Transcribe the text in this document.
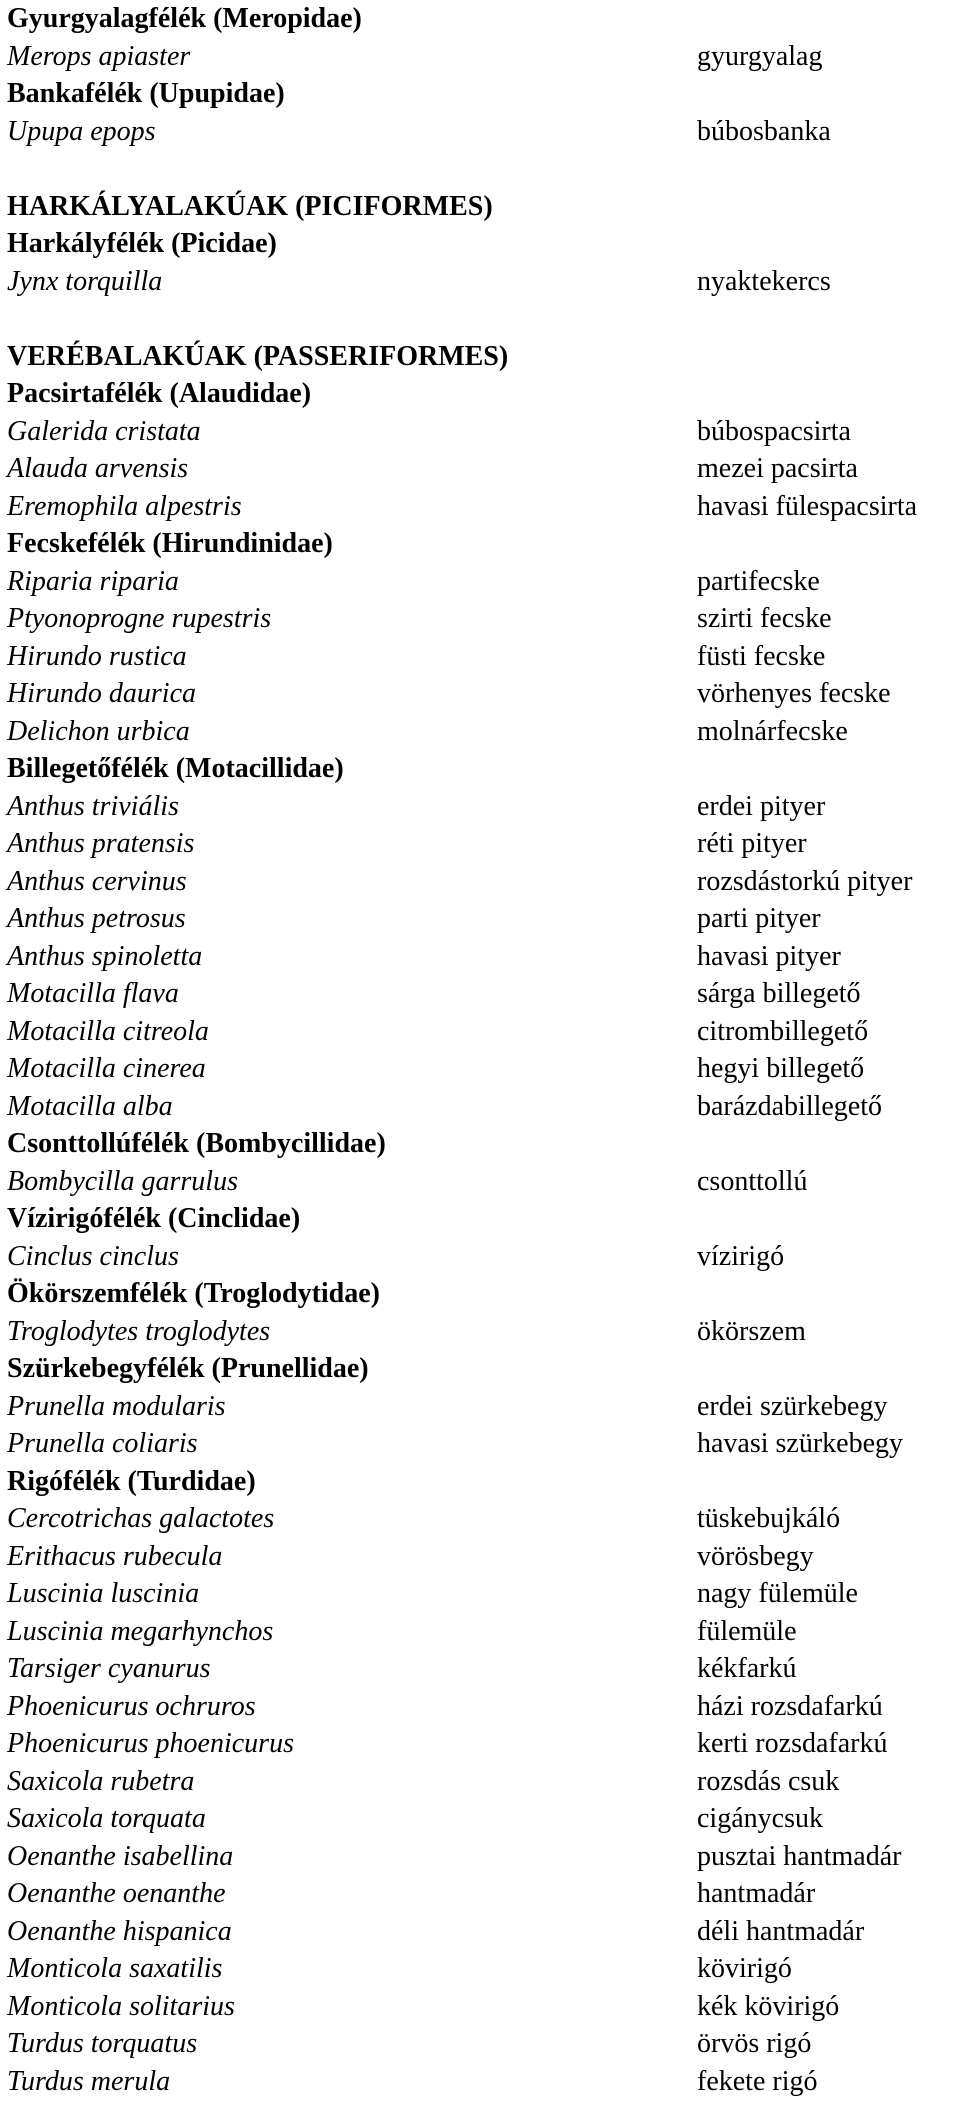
Gyurgyalagfélék (Meropidae)
Merops apiaster	gyurgyalag
Bankafélék (Upupidae)
Upupa epops	búbosbanka
HARKÁLYALAKÚAK (PICIFORMES)
Harkályfélék (Picidae)
Jynx torquilla	nyaktekercs
VERÉBALAKÚAK (PASSERIFORMES)
Pacsirtafélék (Alaudidae)
Galerida cristata	búbospacsirta
Alauda arvensis	mezei pacsirta
Eremophila alpestris	havasi fülespacsirta
Fecskefélék (Hirundinidae)
Riparia riparia	partifecske
Ptyonoprogne rupestris	szirti fecske
Hirundo rustica	füsti fecske
Hirundo daurica	vörhenyes fecske
Delichon urbica	molnárfecske
Billegetőfélék (Motacillidae)
Anthus triviális	erdei pityer
Anthus pratensis	réti pityer
Anthus cervinus	rozsdástorkú pityer
Anthus petrosus	parti pityer
Anthus spinoletta	havasi pityer
Motacilla flava	sárga billegető
Motacilla citreola	citrombillegető
Motacilla cinerea	hegyi billegető
Motacilla alba	barázdabillegető
Csonttollúfélék (Bombycillidae)
Bombycilla garrulus	csonttollú
Vízirigófélék (Cinclidae)
Cinclus cinclus	vízirigó
Ökörszemfélék (Troglodytidae)
Troglodytes troglodytes	ökörszem
Szürkebegyfélék (Prunellidae)
Prunella modularis	erdei szürkebegy
Prunella coliaris	havasi szürkebegy
Rigófélék (Turdidae)
Cercotrichas galactotes	tüskebujkáló
Erithacus rubecula	vörösbegy
Luscinia luscinia	nagy fülemüle
Luscinia megarhynchos	fülemüle
Tarsiger cyanurus	kékfarkú
Phoenicurus ochruros	házi rozsdafarkú
Phoenicurus phoenicurus	kerti rozsdafarkú
Saxicola rubetra	rozsdás csuk
Saxicola torquata	cigánycsuk
Oenanthe isabellina	pusztai hantmadár
Oenanthe oenanthe	hantmadár
Oenanthe hispanica	déli hantmadár
Monticola saxatilis	kövirigó
Monticola solitarius	kék kövirigó
Turdus torquatus	örvös rigó
Turdus merula	fekete rigó
